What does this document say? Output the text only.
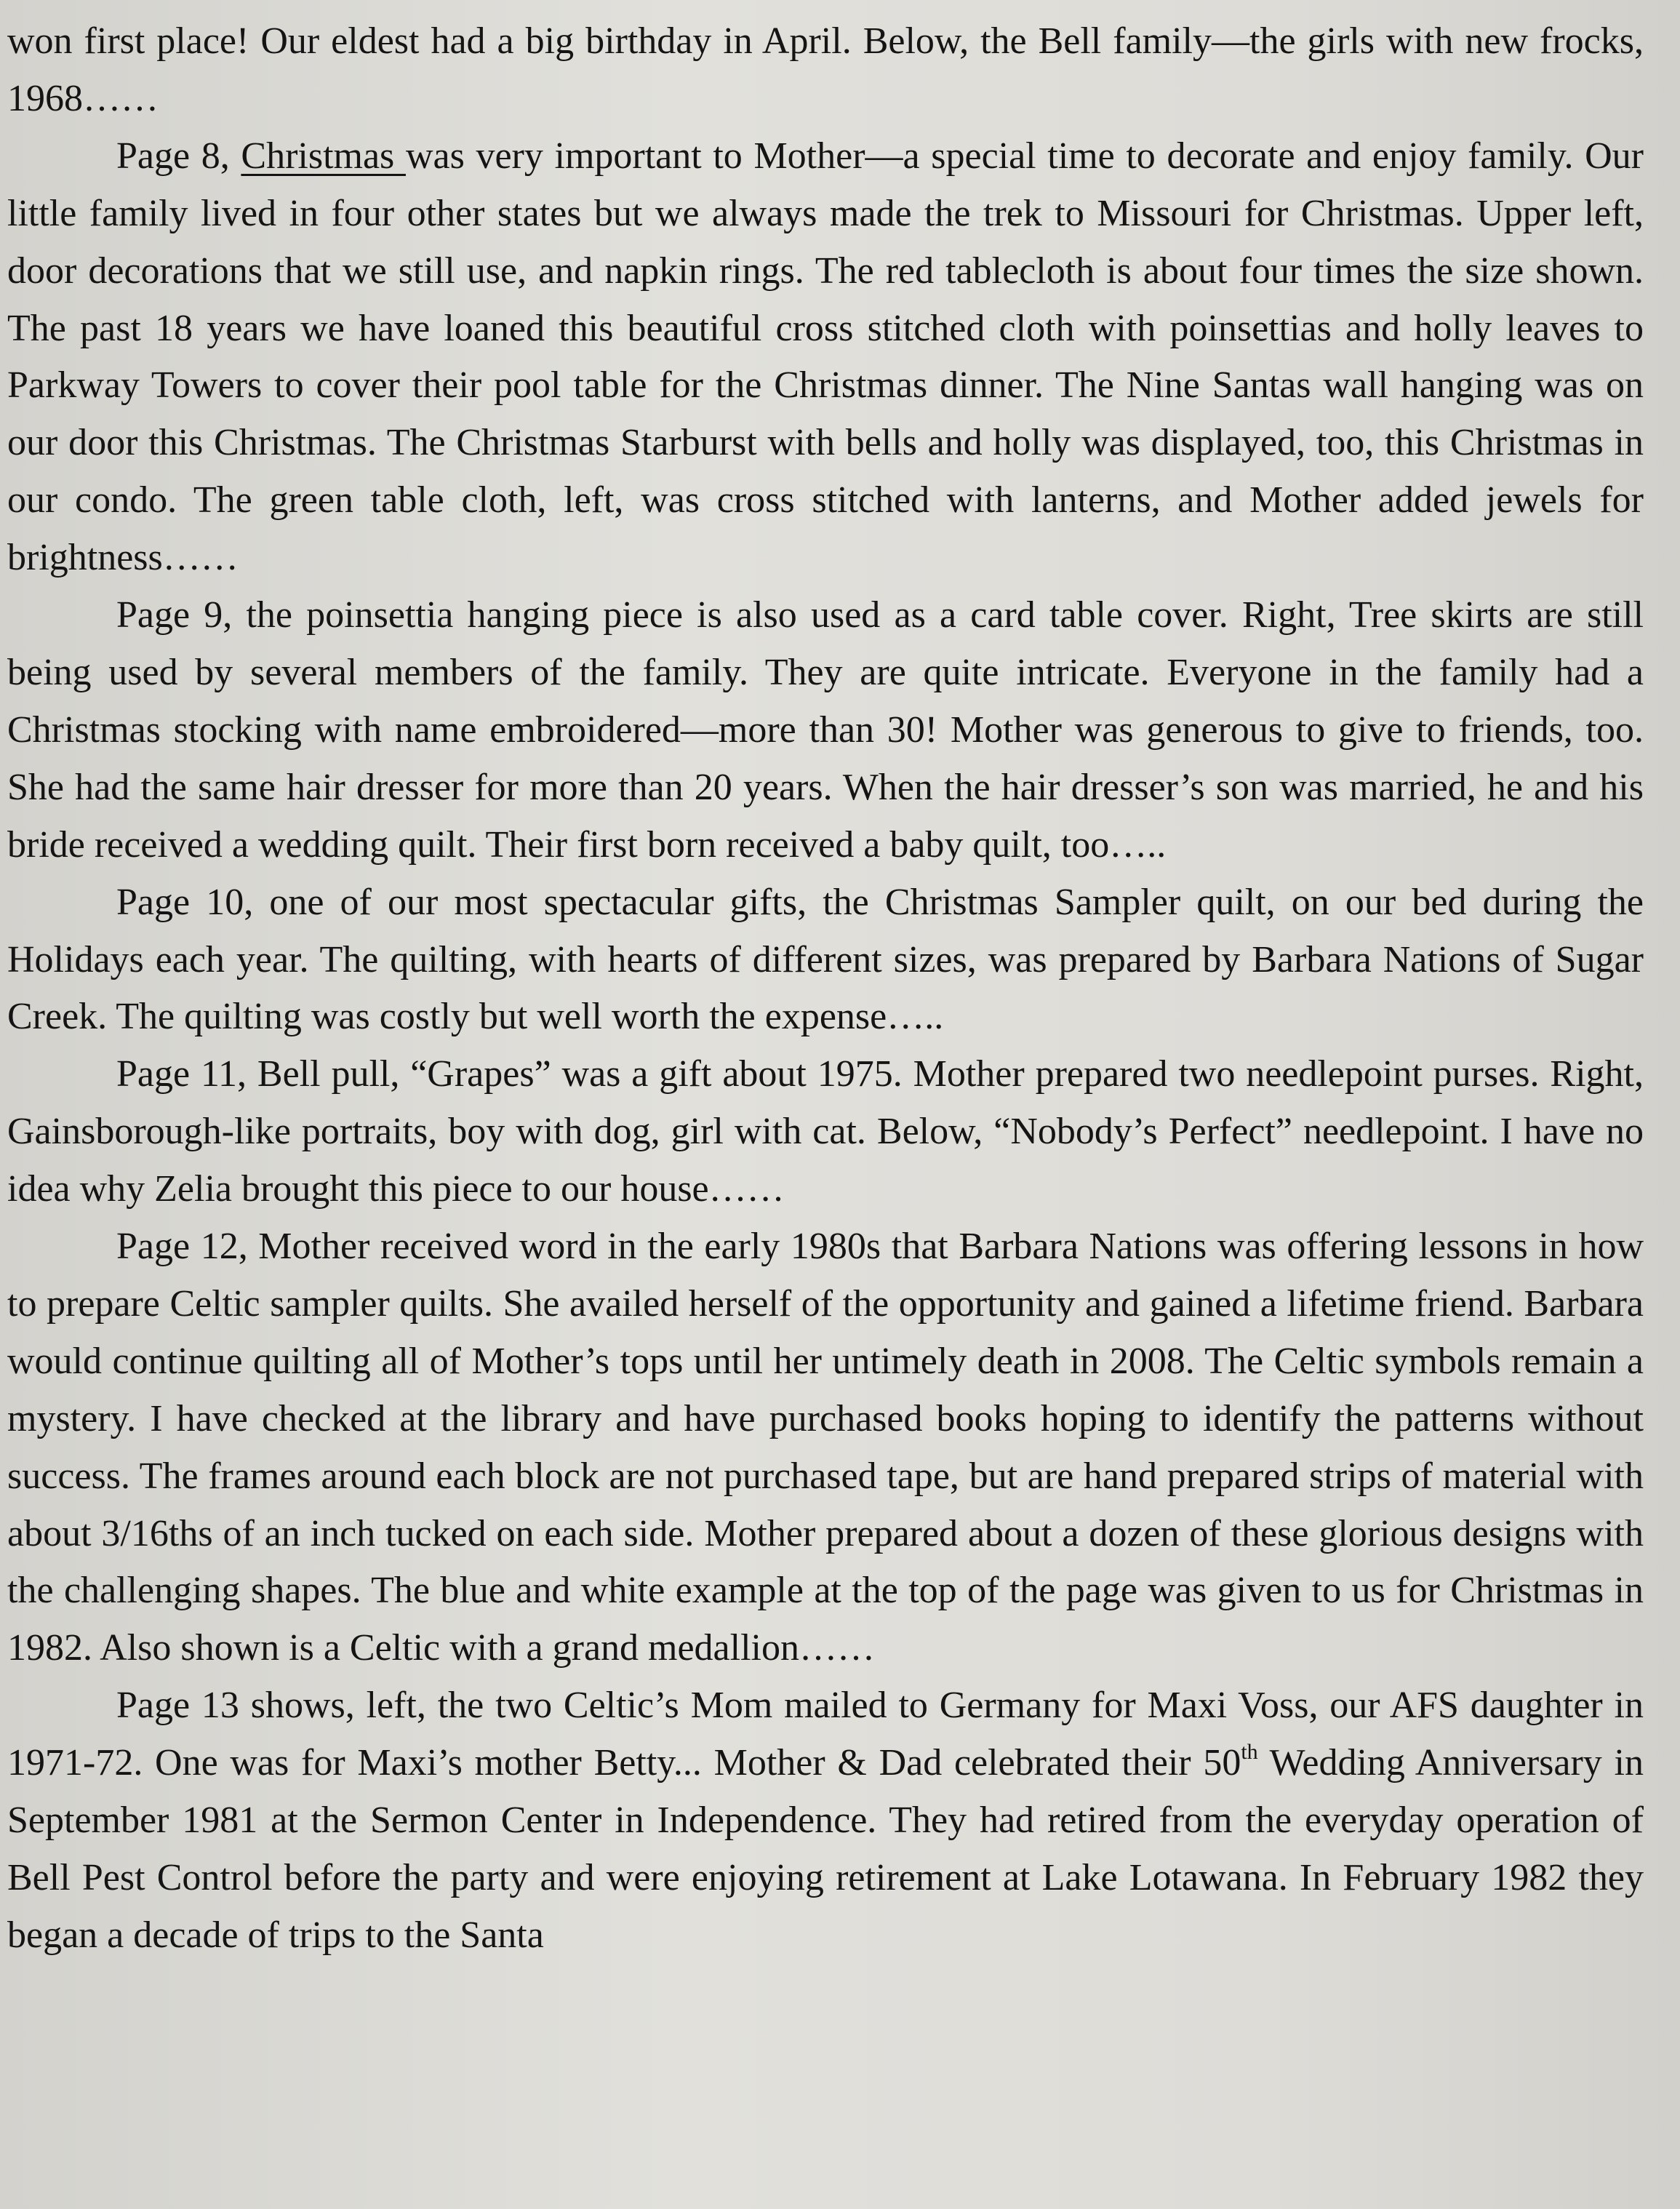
won first place! Our eldest had a big birthday in April. Below, the Bell family—the girls with new frocks, 1968……

Page 8, Christmas was very important to Mother—a special time to decorate and enjoy family. Our little family lived in four other states but we always made the trek to Missouri for Christmas. Upper left, door decorations that we still use, and napkin rings. The red tablecloth is about four times the size shown. The past 18 years we have loaned this beautiful cross stitched cloth with poinsettias and holly leaves to Parkway Towers to cover their pool table for the Christmas dinner. The Nine Santas wall hanging was on our door this Christmas. The Christmas Starburst with bells and holly was displayed, too, this Christmas in our condo. The green table cloth, left, was cross stitched with lanterns, and Mother added jewels for brightness……

Page 9, the poinsettia hanging piece is also used as a card table cover. Right, Tree skirts are still being used by several members of the family. They are quite intricate. Everyone in the family had a Christmas stocking with name embroidered—more than 30! Mother was generous to give to friends, too. She had the same hair dresser for more than 20 years. When the hair dresser’s son was married, he and his bride received a wedding quilt. Their first born received a baby quilt, too…..

Page 10, one of our most spectacular gifts, the Christmas Sampler quilt, on our bed during the Holidays each year. The quilting, with hearts of different sizes, was prepared by Barbara Nations of Sugar Creek. The quilting was costly but well worth the expense…..

Page 11, Bell pull, “Grapes” was a gift about 1975. Mother prepared two needlepoint purses. Right, Gainsborough-like portraits, boy with dog, girl with cat. Below, “Nobody’s Perfect” needlepoint. I have no idea why Zelia brought this piece to our house……

Page 12, Mother received word in the early 1980s that Barbara Nations was offering lessons in how to prepare Celtic sampler quilts. She availed herself of the opportunity and gained a lifetime friend. Barbara would continue quilting all of Mother’s tops until her untimely death in 2008. The Celtic symbols remain a mystery. I have checked at the library and have purchased books hoping to identify the patterns without success. The frames around each block are not purchased tape, but are hand prepared strips of material with about 3/16ths of an inch tucked on each side. Mother prepared about a dozen of these glorious designs with the challenging shapes. The blue and white example at the top of the page was given to us for Christmas in 1982. Also shown is a Celtic with a grand medallion……

Page 13 shows, left, the two Celtic’s Mom mailed to Germany for Maxi Voss, our AFS daughter in 1971-72. One was for Maxi’s mother Betty... Mother & Dad celebrated their 50th Wedding Anniversary in September 1981 at the Sermon Center in Independence. They had retired from the everyday operation of Bell Pest Control before the party and were enjoying retirement at Lake Lotawana. In February 1982 they began a decade of trips to the Santa
